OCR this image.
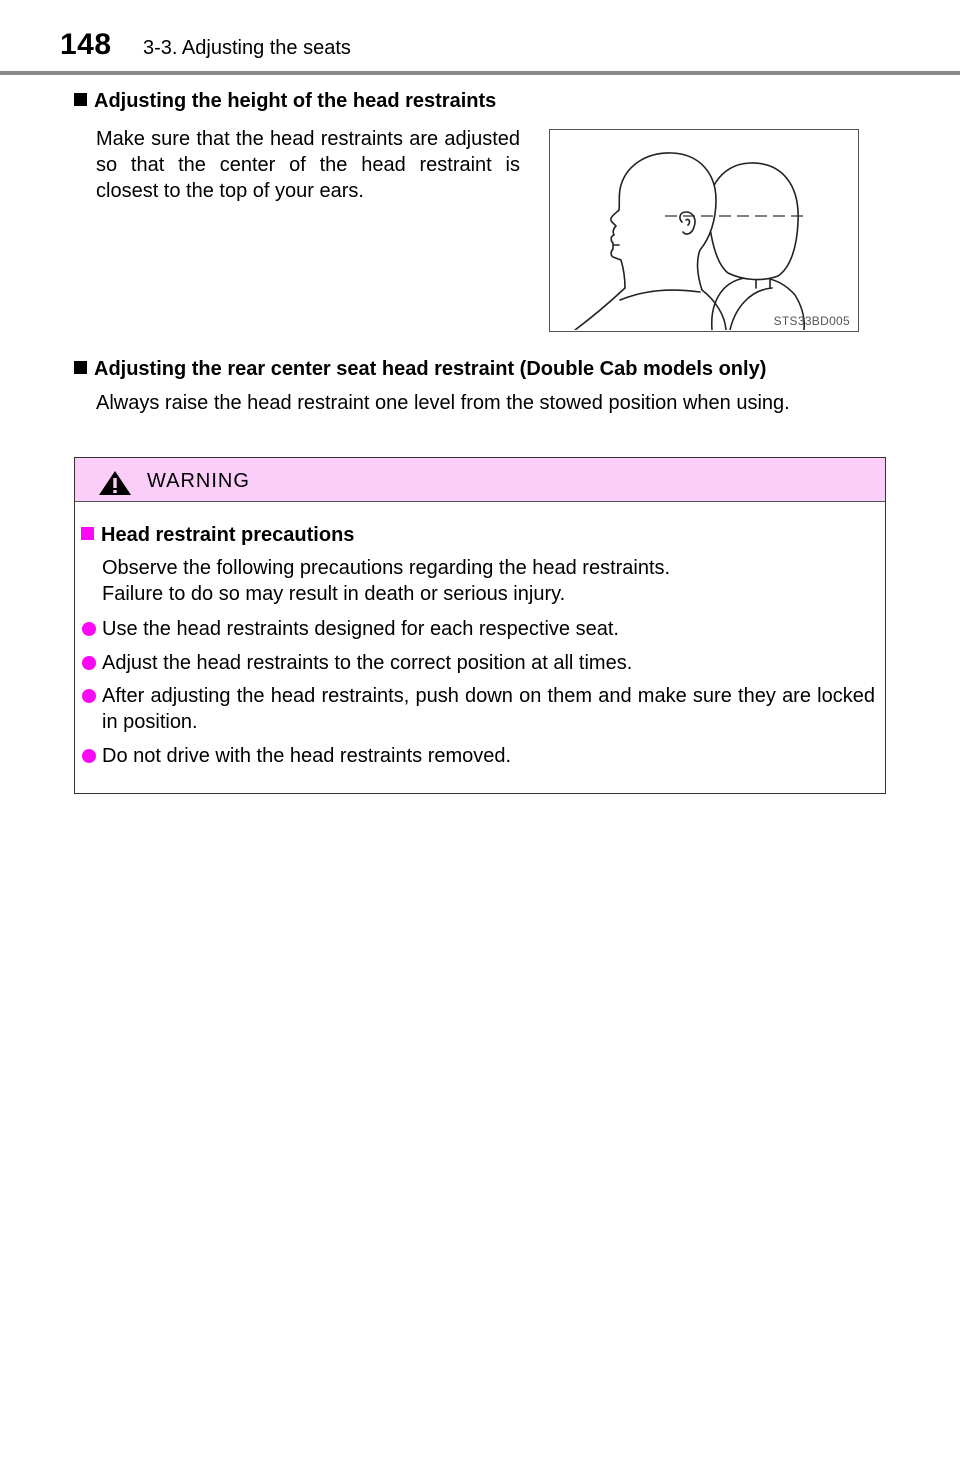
148 3-3. Adjusting the seats
Adjusting the height of the head restraints
Make sure that the head restraints are adjusted so that the center of the head restraint is closest to the top of your ears.
STS33BD005
Adjusting the rear center seat head restraint (Double Cab models only)
Always raise the head restraint one level from the stowed position when using.
WARNING
Head restraint precautions
Observe the following precautions regarding the head restraints.
Failure to do so may result in death or serious injury.
Use the head restraints designed for each respective seat.
Adjust the head restraints to the correct position at all times.
After adjusting the head restraints, push down on them and make sure they are locked in position.
Do not drive with the head restraints removed.
